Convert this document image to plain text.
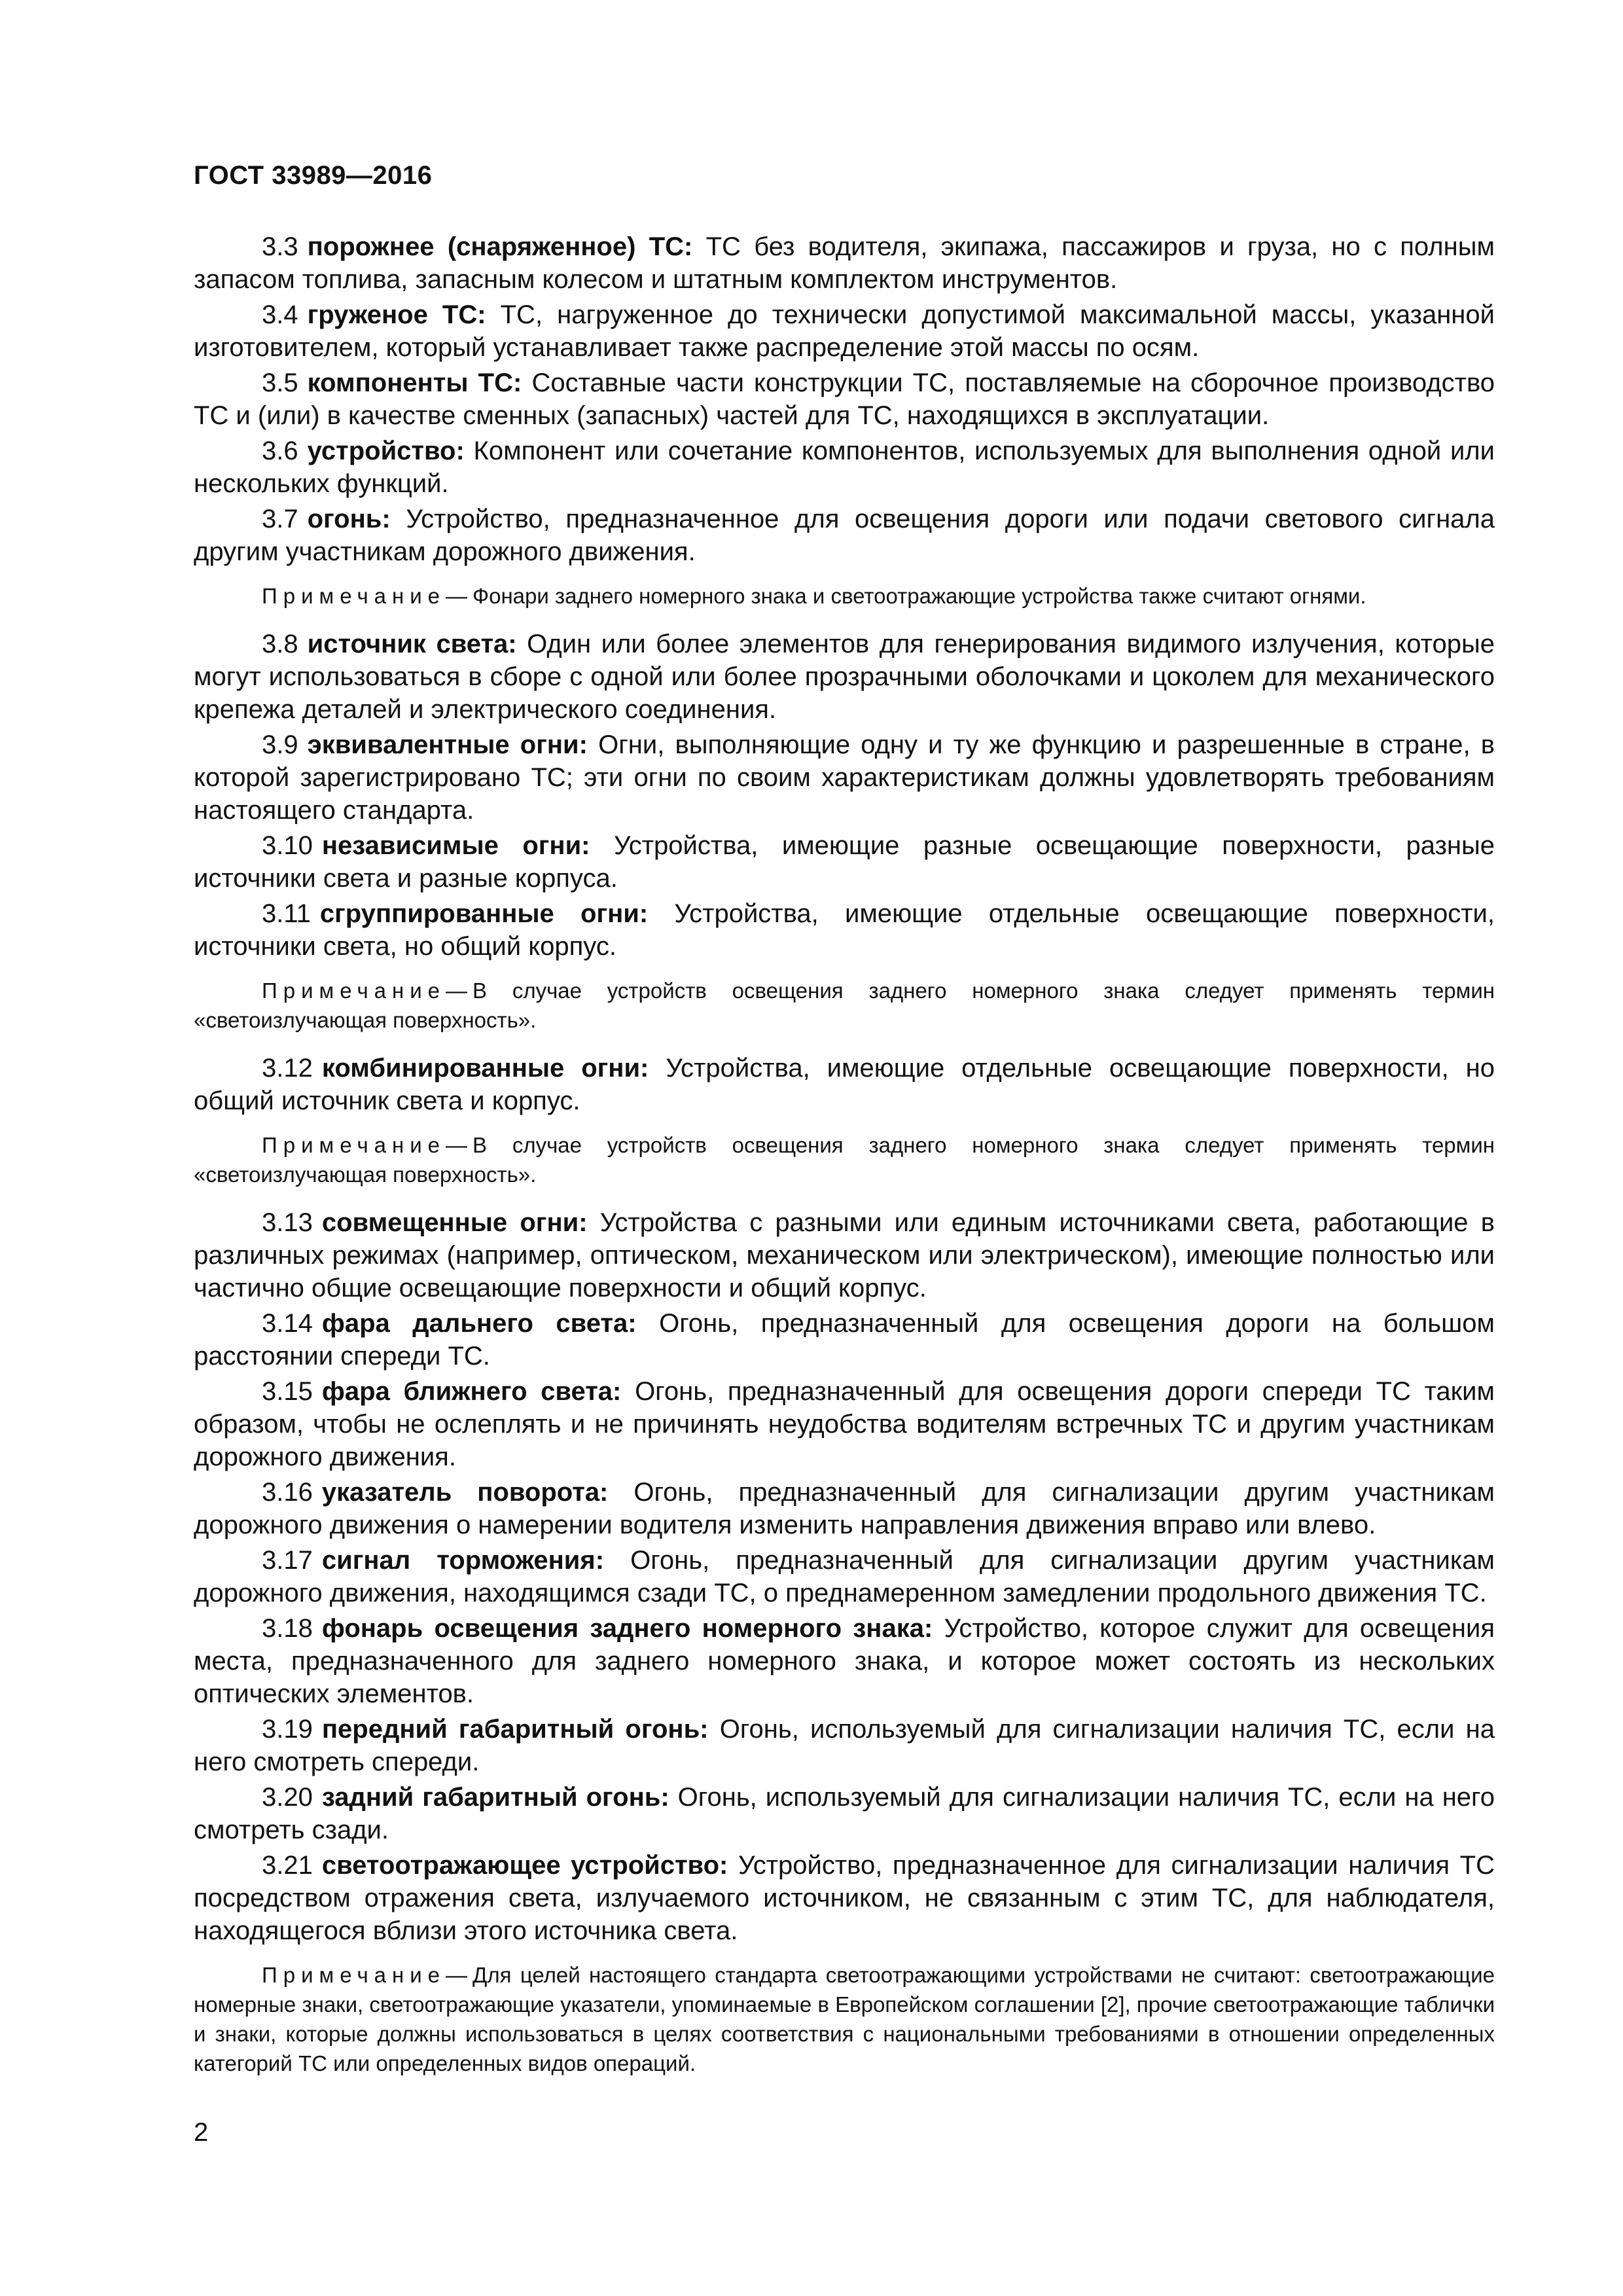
ГОСТ 33989—2016

3.3 порожнее (снаряженное) ТС: ТС без водителя, экипажа, пассажиров и груза, но с полным запасом топлива, запасным колесом и штатным комплектом инструментов.

3.4 груженое ТС: ТС, нагруженное до технически допустимой максимальной массы, указанной изготовителем, который устанавливает также распределение этой массы по осям.

3.5 компоненты ТС: Составные части конструкции ТС, поставляемые на сборочное производство ТС и (или) в качестве сменных (запасных) частей для ТС, находящихся в эксплуатации.

3.6 устройство: Компонент или сочетание компонентов, используемых для выполнения одной или нескольких функций.

3.7 огонь: Устройство, предназначенное для освещения дороги или подачи светового сигнала другим участникам дорожного движения.

Примечание— Фонари заднего номерного знака и светоотражающие устройства также считают огнями.

3.8 источник света: Один или более элементов для генерирования видимого излучения, которые могут использоваться в сборе с одной или более прозрачными оболочками и цоколем для механического крепежа деталей и электрического соединения.

3.9 эквивалентные огни: Огни, выполняющие одну и ту же функцию и разрешенные в стране, в которой зарегистрировано ТС; эти огни по своим характеристикам должны удовлетворять требованиям настоящего стандарта.

3.10 независимые огни: Устройства, имеющие разные освещающие поверхности, разные источники света и разные корпуса.

3.11 сгруппированные огни: Устройства, имеющие отдельные освещающие поверхности, источники света, но общий корпус.

Примечание— В случае устройств освещения заднего номерного знака следует применять термин «светоизлучающая поверхность».

3.12 комбинированные огни: Устройства, имеющие отдельные освещающие поверхности, но общий источник света и корпус.

Примечание— В случае устройств освещения заднего номерного знака следует применять термин «светоизлучающая поверхность».

3.13 совмещенные огни: Устройства с разными или единым источниками света, работающие в различных режимах (например, оптическом, механическом или электрическом), имеющие полностью или частично общие освещающие поверхности и общий корпус.

3.14 фара дальнего света: Огонь, предназначенный для освещения дороги на большом расстоянии спереди ТС.

3.15 фара ближнего света: Огонь, предназначенный для освещения дороги спереди ТС таким образом, чтобы не ослеплять и не причинять неудобства водителям встречных ТС и другим участникам дорожного движения.

3.16 указатель поворота: Огонь, предназначенный для сигнализации другим участникам дорожного движения о намерении водителя изменить направления движения вправо или влево.

3.17 сигнал торможения: Огонь, предназначенный для сигнализации другим участникам дорожного движения, находящимся сзади ТС, о преднамеренном замедлении продольного движения ТС.

3.18 фонарь освещения заднего номерного знака: Устройство, которое служит для освещения места, предназначенного для заднего номерного знака, и которое может состоять из нескольких оптических элементов.

3.19 передний габаритный огонь: Огонь, используемый для сигнализации наличия ТС, если на него смотреть спереди.

3.20 задний габаритный огонь: Огонь, используемый для сигнализации наличия ТС, если на него смотреть сзади.

3.21 светоотражающее устройство: Устройство, предназначенное для сигнализации наличия ТС посредством отражения света, излучаемого источником, не связанным с этим ТС, для наблюдателя, находящегося вблизи этого источника света.

Примечание— Для целей настоящего стандарта светоотражающими устройствами не считают: светоотражающие номерные знаки, светоотражающие указатели, упоминаемые в Европейском соглашении [2], прочие светоотражающие таблички и знаки, которые должны использоваться в целях соответствия с национальными требованиями в отношении определенных категорий ТС или определенных видов операций.

2
